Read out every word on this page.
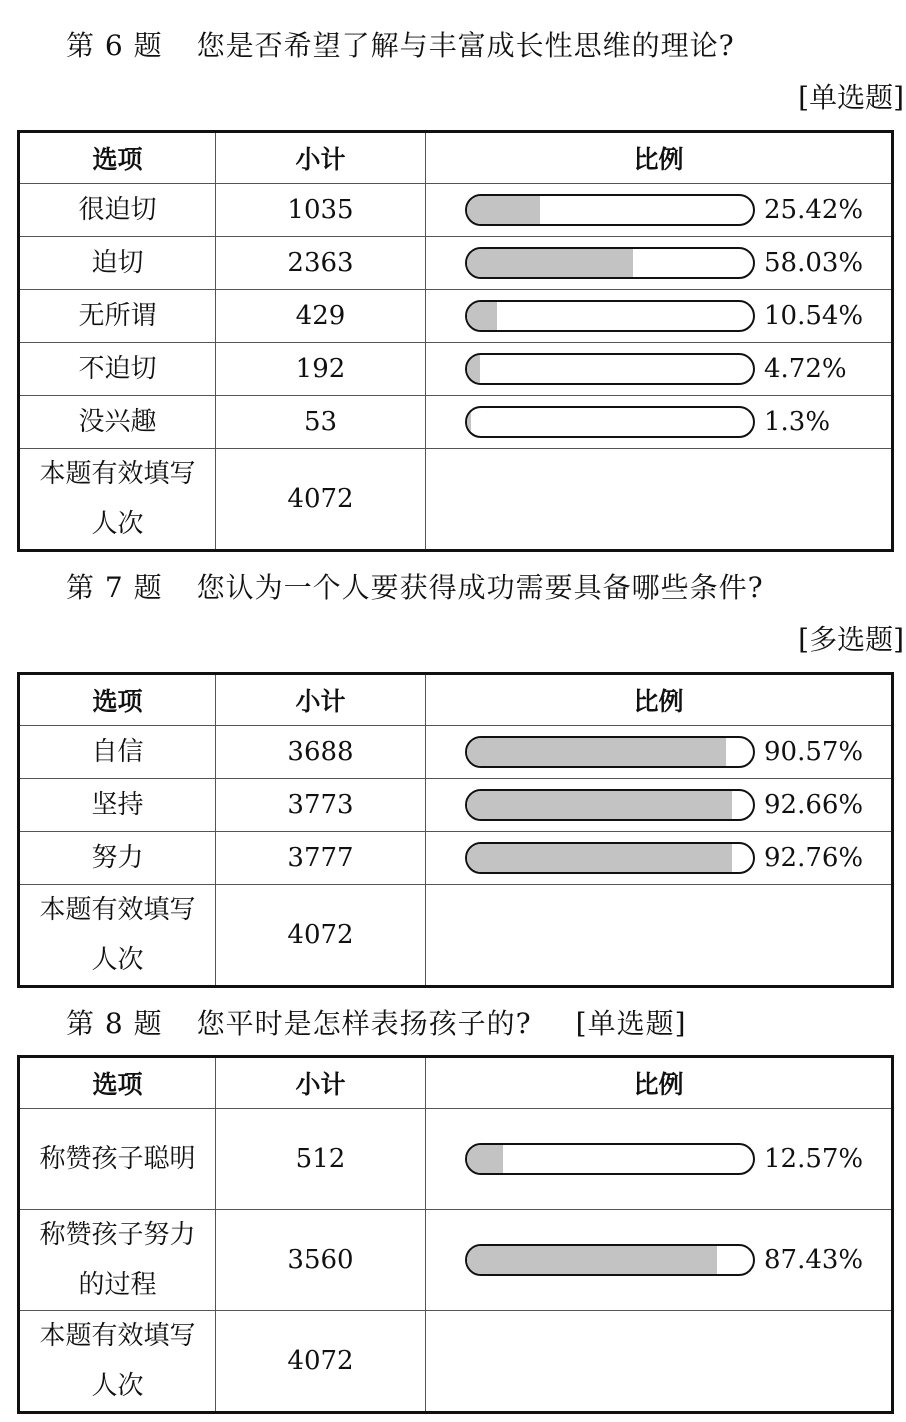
第 6 题 您是否希望了解与丰富成长性思维的理论?
[单选题]
选项	小计	比例
很迫切	1035	25.42%

迫切	2363	58.03%

无所谓	429	10.54%

不迫切	192	4.72%

没兴趣	53	1.3%

本题有效填写人次	4072	
第 7 题 您认为一个人要获得成功需要具备哪些条件?
[多选题]
选项	小计	比例
自信	3688	90.57%

坚持	3773	92.66%

努力	3777	92.76%

本题有效填写人次	4072	
第 8 题 您平时是怎样表扬孩子的? [单选题]
选项	小计	比例
称赞孩子聪明	512	12.57%

称赞孩子努力的过程	3560	87.43%

本题有效填写人次	4072	
